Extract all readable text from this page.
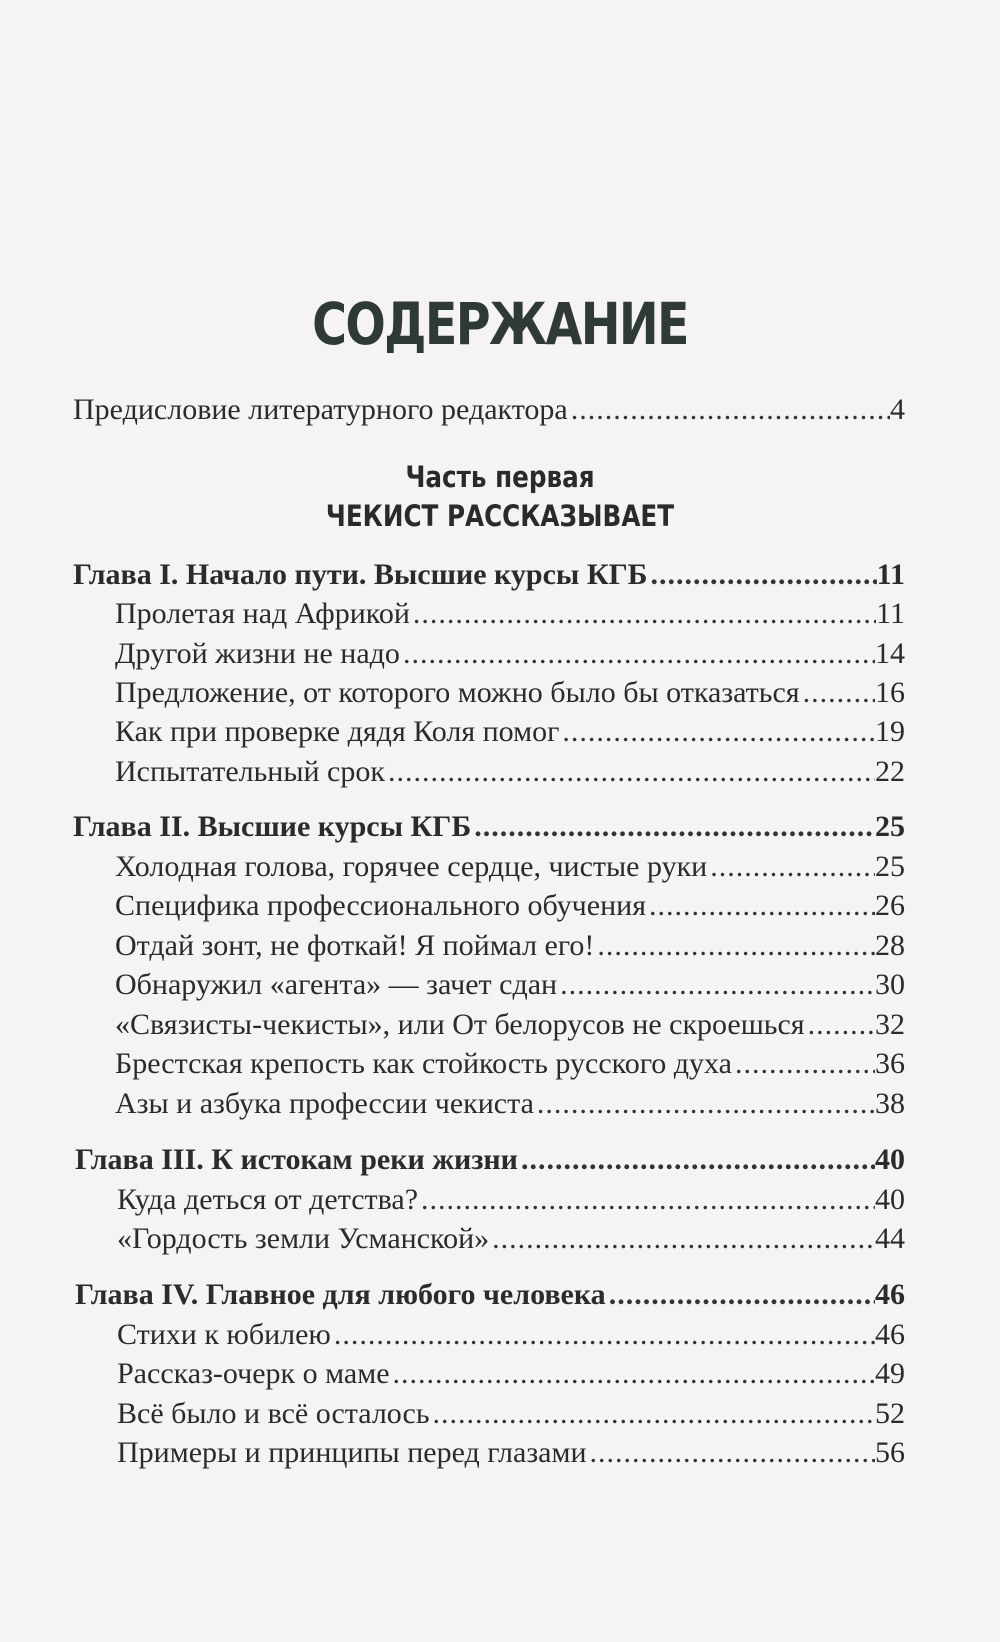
СОДЕРЖАНИЕ
Предисловие литературного редактора .....	4
Часть первая
ЧЕКИСТ РАССКАЗЫВАЕТ
Глава I. Начало пути. Высшие курсы КГБ .....	11
Пролетая над Африкой .....	11
Другой жизни не надо .....	14
Предложение, от которого можно было бы отказаться .....	16
Как при проверке дядя Коля помог .....	19
Испытательный срок .....	22
Глава II. Высшие курсы КГБ .....	25
Холодная голова, горячее сердце, чистые руки .....	25
Специфика профессионального обучения .....	26
Отдай зонт, не фоткай! Я поймал его! .....	28
Обнаружил «агента» — зачет сдан .....	30
«Связисты-чекисты», или От белорусов не скроешься ..... 32
Брестская крепость как стойкость русского духа .....	36
Азы и азбука профессии чекиста .....	38
Глава III. К истокам реки жизни .....	40
Куда деться от детства? .....	40
«Гордость земли Усманской» .....	44
Глава IV. Главное для любого человека .....	46
Стихи к юбилею .....	46
Рассказ-очерк о маме .....	49
Всё было и всё осталось .....	52
Примеры и принципы перед глазами .....	56
